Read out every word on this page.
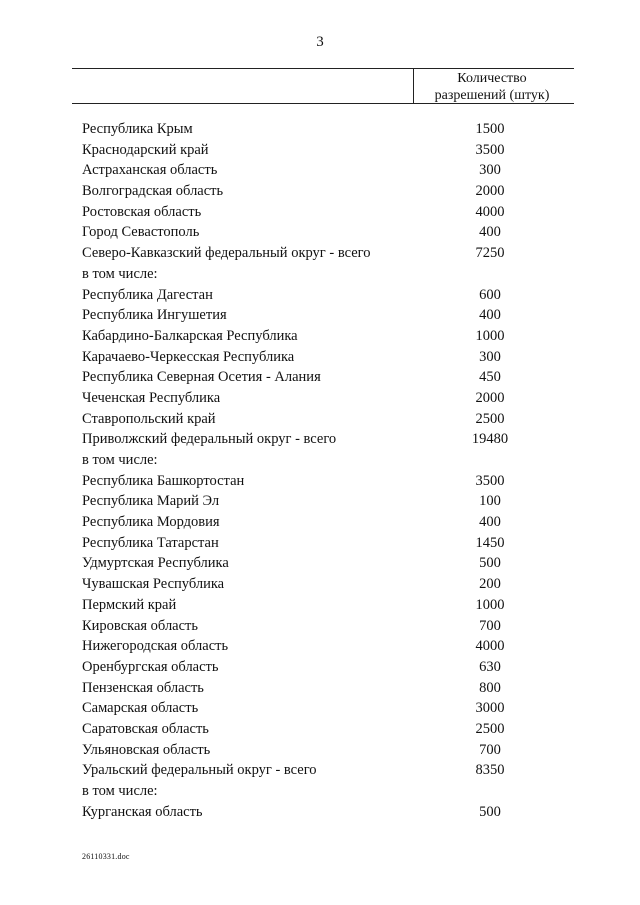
3
Количество
разрешений (штук)
Республика Крым	1500
Краснодарский край	3500
Астраханская область	300
Волгоградская область	2000
Ростовская область	4000
Город Севастополь	400
Северо-Кавказский федеральный округ - всего	7250
в том числе:
Республика Дагестан	600
Республика Ингушетия	400
Кабардино-Балкарская Республика	1000
Карачаево-Черкесская Республика	300
Республика Северная Осетия - Алания	450
Чеченская Республика	2000
Ставропольский край	2500
Приволжский федеральный округ - всего	19480
в том числе:
Республика Башкортостан	3500
Республика Марий Эл	100
Республика Мордовия	400
Республика Татарстан	1450
Удмуртская Республика	500
Чувашская Республика	200
Пермский край	1000
Кировская область	700
Нижегородская область	4000
Оренбургская область	630
Пензенская область	800
Самарская область	3000
Саратовская область	2500
Ульяновская область	700
Уральский федеральный округ - всего	8350
в том числе:
Курганская область	500
26110331.doc
